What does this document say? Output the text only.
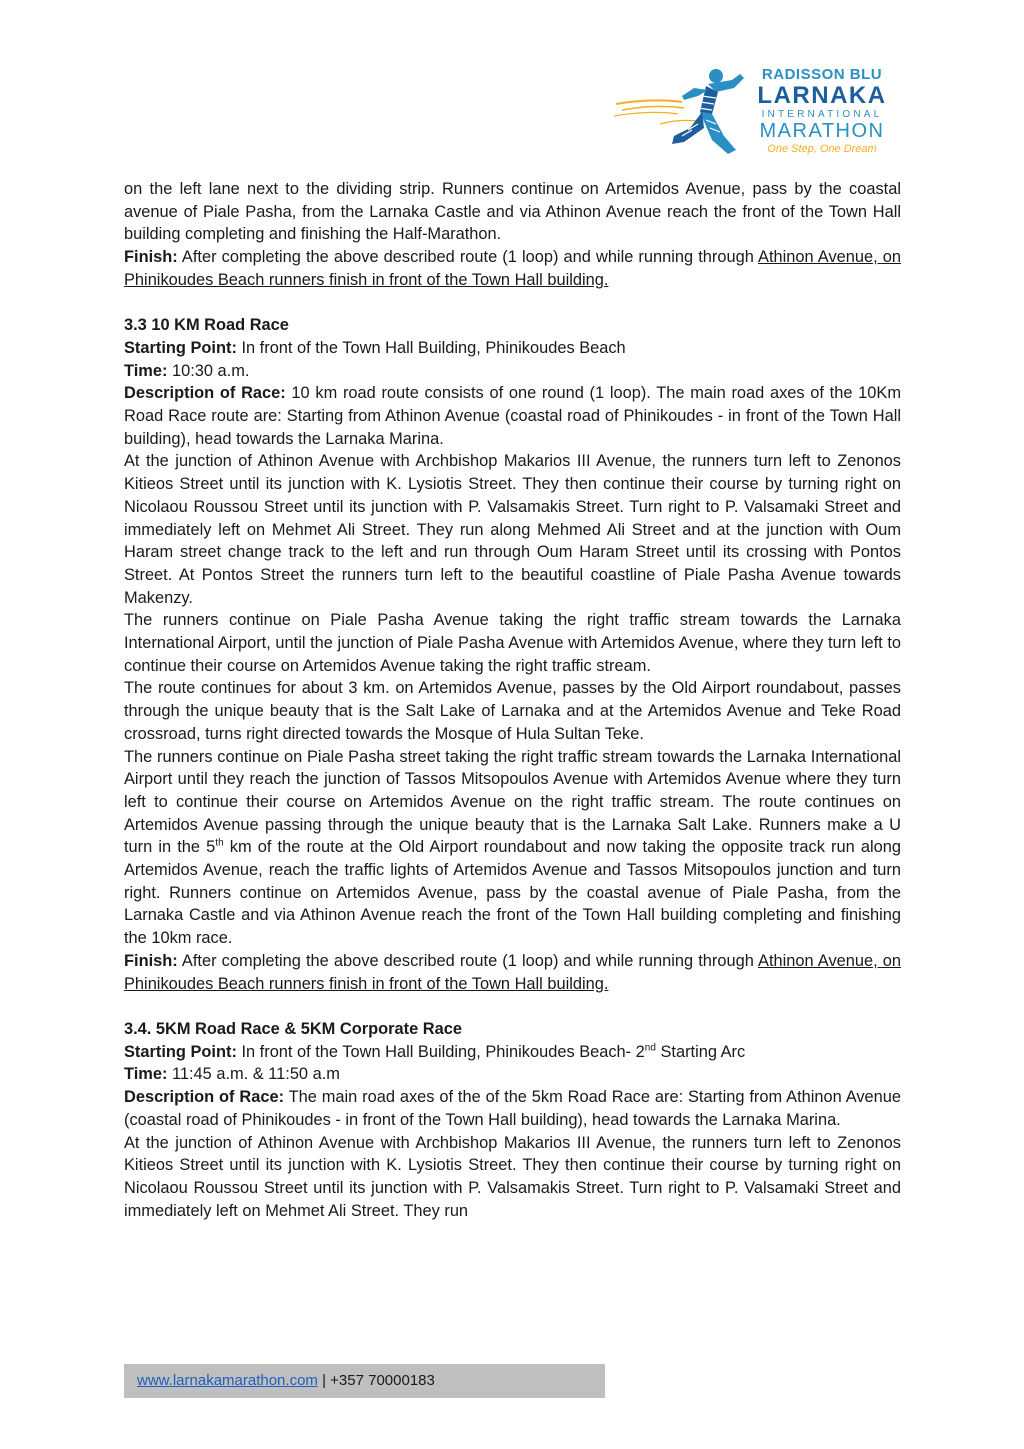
RADISSON BLU
LARNAKA
INTERNATIONAL
MARATHON
One Step, One Dream

on the left lane next to the dividing strip. Runners continue on Artemidos Avenue, pass by the coastal avenue of Piale Pasha, from the Larnaka Castle and via Athinon Avenue reach the front of the Town Hall building completing and finishing the Half-Marathon.

Finish: After completing the above described route (1 loop) and while running through Athinon Avenue, on Phinikoudes Beach runners finish in front of the Town Hall building.

3.3 10 KM Road Race

Starting Point: In front of the Town Hall Building, Phinikoudes Beach

Time: 10:30 a.m.

Description of Race: 10 km road route consists of one round (1 loop). The main road axes of the 10Km Road Race route are: Starting from Athinon Avenue (coastal road of Phinikoudes - in front of the Town Hall building), head towards the Larnaka Marina.

At the junction of Athinon Avenue with Archbishop Makarios III Avenue, the runners turn left to Zenonos Kitieos Street until its junction with K. Lysiotis Street. They then continue their course by turning right on Nicolaou Roussou Street until its junction with P. Valsamakis Street. Turn right to P. Valsamaki Street and immediately left on Mehmet Ali Street. They run along Mehmed Ali Street and at the junction with Oum Haram street change track to the left and run through Oum Haram Street until its crossing with Pontos Street. At Pontos Street the runners turn left to the beautiful coastline of Piale Pasha Avenue towards Makenzy.

The runners continue on Piale Pasha Avenue taking the right traffic stream towards the Larnaka International Airport, until the junction of Piale Pasha Avenue with Artemidos Avenue, where they turn left to continue their course on Artemidos Avenue taking the right traffic stream.

The route continues for about 3 km. on Artemidos Avenue, passes by the Old Airport roundabout, passes through the unique beauty that is the Salt Lake of Larnaka and at the Artemidos Avenue and Teke Road crossroad, turns right directed towards the Mosque of Hula Sultan Teke.

The runners continue on Piale Pasha street taking the right traffic stream towards the Larnaka International Airport until they reach the junction of Tassos Mitsopoulos Avenue with Artemidos Avenue where they turn left to continue their course on Artemidos Avenue on the right traffic stream. The route continues on Artemidos Avenue passing through the unique beauty that is the Larnaka Salt Lake. Runners make a U turn in the 5th km of the route at the Old Airport roundabout and now taking the opposite track run along Artemidos Avenue, reach the traffic lights of Artemidos Avenue and Tassos Mitsopoulos junction and turn right. Runners continue on Artemidos Avenue, pass by the coastal avenue of Piale Pasha, from the Larnaka Castle and via Athinon Avenue reach the front of the Town Hall building completing and finishing the 10km race.

Finish: After completing the above described route (1 loop) and while running through Athinon Avenue, on Phinikoudes Beach runners finish in front of the Town Hall building.

3.4. 5KM Road Race & 5KM Corporate Race

Starting Point: In front of the Town Hall Building, Phinikoudes Beach- 2nd Starting Arc

Time: 11:45 a.m. & 11:50 a.m

Description of Race: The main road axes of the of the 5km Road Race are: Starting from Athinon Avenue (coastal road of Phinikoudes - in front of the Town Hall building), head towards the Larnaka Marina.

At the junction of Athinon Avenue with Archbishop Makarios III Avenue, the runners turn left to Zenonos Kitieos Street until its junction with K. Lysiotis Street. They then continue their course by turning right on Nicolaou Roussou Street until its junction with P. Valsamakis Street. Turn right to P. Valsamaki Street and immediately left on Mehmet Ali Street. They run

www.larnakamarathon.com | +357 70000183
